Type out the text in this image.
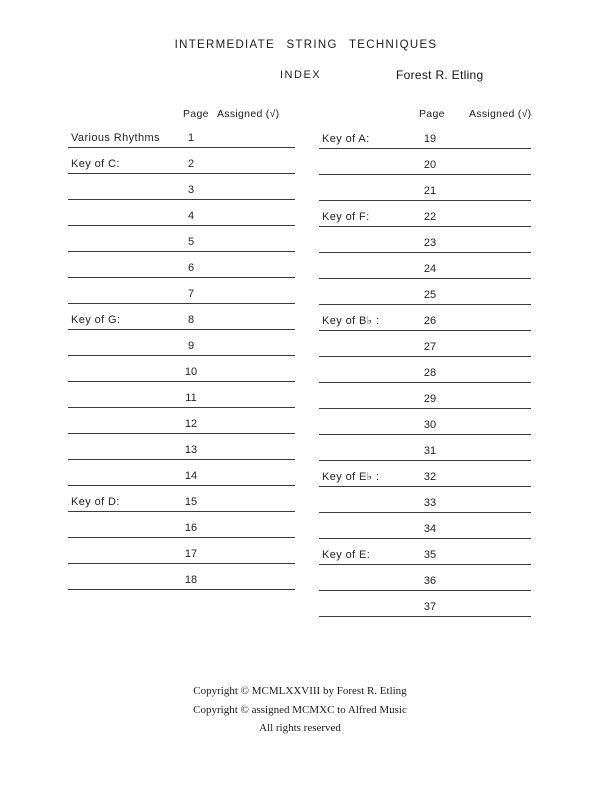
INTERMEDIATE STRING TECHNIQUES
INDEX	Forest R. Etling
Page Assigned (√)	Page Assigned (√)
Various Rhythms	1
Key of C:	2
3
4
5
6
7
Key of G:	8
9
10
11
12
13
14
Key of D:	15
16
17
18
Key of A:	19
20
21
Key of F:	22
23
24
25
Key of B♭ :	26
27
28
29
30
31
Key of E♭ :	32
33
34
Key of E:	35
36
37
Copyright © MCMLXXVIII by Forest R. Etling
Copyright © assigned MCMXC to Alfred Music
All rights reserved
